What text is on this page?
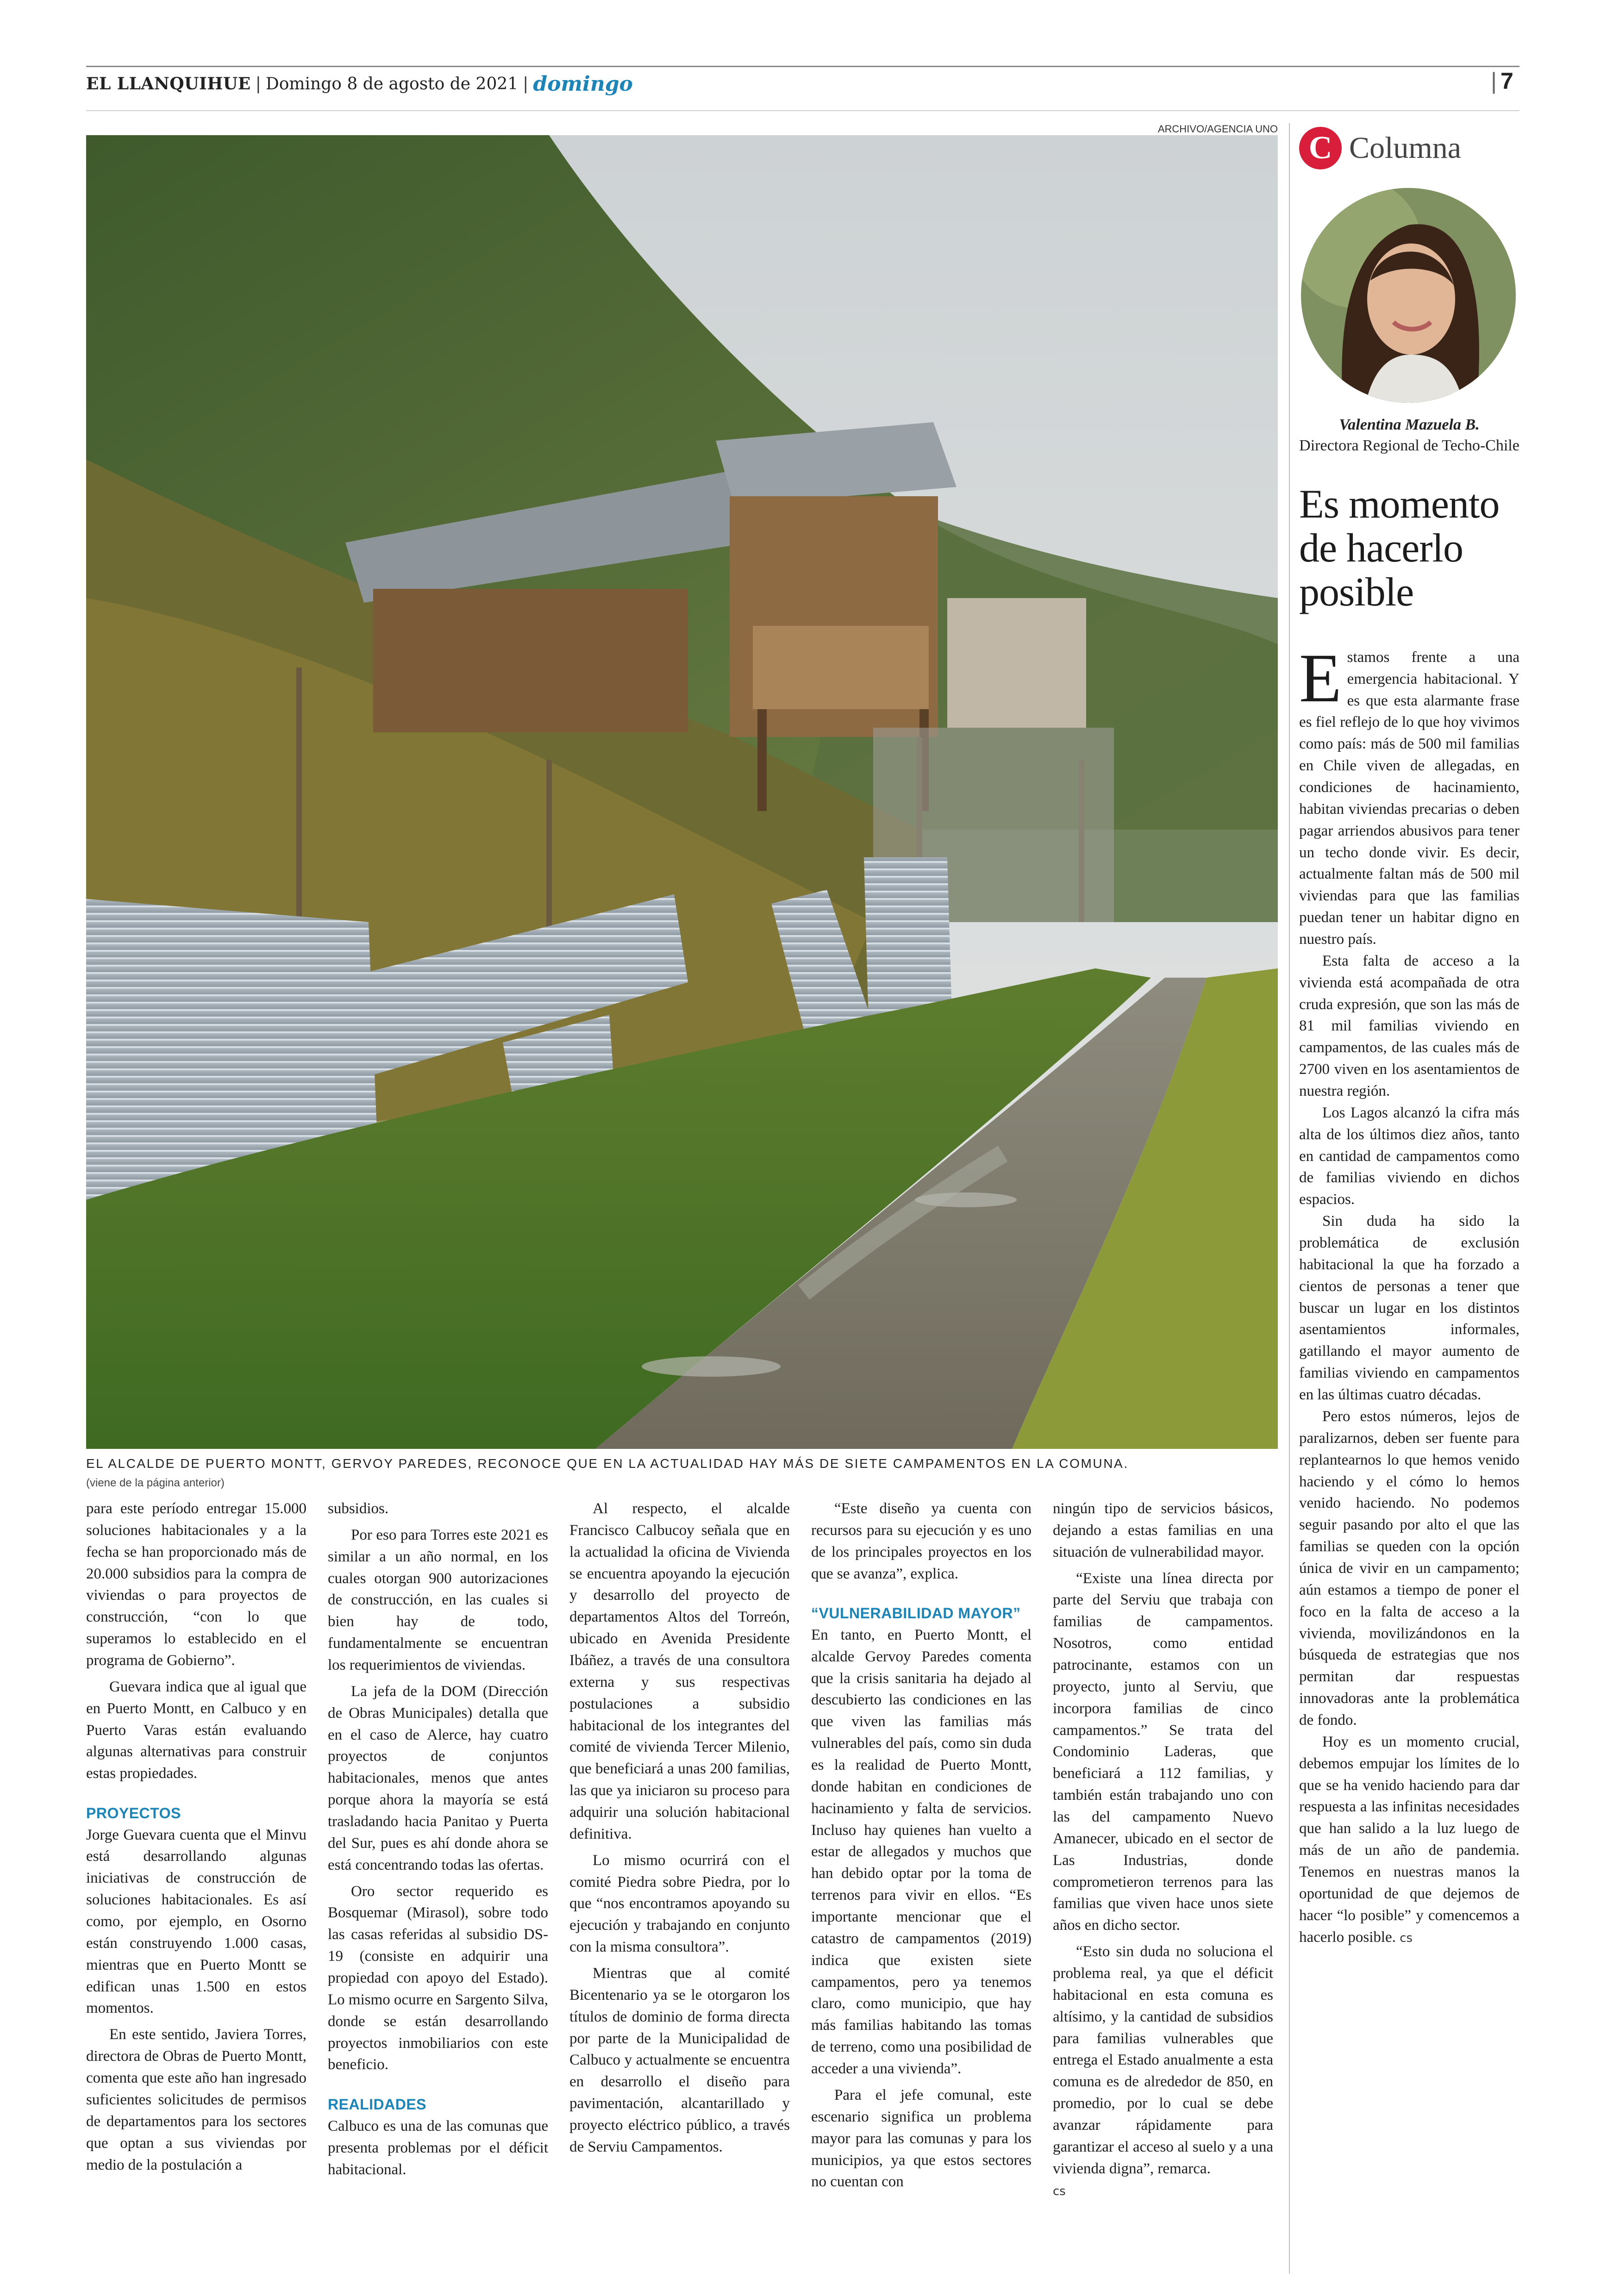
EL LLANQUIHUE | Domingo 8 de agosto de 2021 | domingo	| 7
ARCHIVO/AGENCIA UNO
EL ALCALDE DE PUERTO MONTT, GERVOY PAREDES, RECONOCE QUE EN LA ACTUALIDAD HAY MÁS DE SIETE CAMPAMENTOS EN LA COMUNA.
(viene de la página anterior)

para este período entregar 15.000 soluciones habitacionales y a la fecha se han proporcionado más de 20.000 subsidios para la compra de viviendas o para proyectos de construcción, “con lo que superamos lo establecido en el programa de Gobierno”.

Guevara indica que al igual que en Puerto Montt, en Calbuco y en Puerto Varas están evaluando algunas alternativas para construir estas propiedades.

PROYECTOS

Jorge Guevara cuenta que el Minvu está desarrollando algunas iniciativas de construcción de soluciones habitacionales. Es así como, por ejemplo, en Osorno están construyendo 1.000 casas, mientras que en Puerto Montt se edifican unas 1.500 en estos momentos.

En este sentido, Javiera Torres, directora de Obras de Puerto Montt, comenta que este año han ingresado suficientes solicitudes de permisos de departamentos para los sectores que optan a sus viviendas por medio de la postulación a

subsidios.

Por eso para Torres este 2021 es similar a un año normal, en los cuales otorgan 900 autorizaciones de construcción, en las cuales si bien hay de todo, fundamentalmente se encuentran los requerimientos de viviendas.

La jefa de la DOM (Dirección de Obras Municipales) detalla que en el caso de Alerce, hay cuatro proyectos de conjuntos habitacionales, menos que antes porque ahora la mayoría se está trasladando hacia Panitao y Puerta del Sur, pues es ahí donde ahora se está concentrando todas las ofertas.

Oro sector requerido es Bosquemar (Mirasol), sobre todo las casas referidas al subsidio DS-19 (consiste en adquirir una propiedad con apoyo del Estado). Lo mismo ocurre en Sargento Silva, donde se están desarrollando proyectos inmobiliarios con este beneficio.

REALIDADES

Calbuco es una de las comunas que presenta problemas por el déficit habitacional.

Al respecto, el alcalde Francisco Calbucoy señala que en la actualidad la oficina de Vivienda se encuentra apoyando la ejecución y desarrollo del proyecto de departamentos Altos del Torreón, ubicado en Avenida Presidente Ibáñez, a través de una consultora externa y sus respectivas postulaciones a subsidio habitacional de los integrantes del comité de vivienda Tercer Milenio, que beneficiará a unas 200 familias, las que ya iniciaron su proceso para adquirir una solución habitacional definitiva.

Lo mismo ocurrirá con el comité Piedra sobre Piedra, por lo que “nos encontramos apoyando su ejecución y trabajando en conjunto con la misma consultora”.

Mientras que al comité Bicentenario ya se le otorgaron los títulos de dominio de forma directa por parte de la Municipalidad de Calbuco y actualmente se encuentra en desarrollo el diseño para pavimentación, alcantarillado y proyecto eléctrico público, a través de Serviu Campamentos.

“Este diseño ya cuenta con recursos para su ejecución y es uno de los principales proyectos en los que se avanza”, explica.

“VULNERABILIDAD MAYOR”

En tanto, en Puerto Montt, el alcalde Gervoy Paredes comenta que la crisis sanitaria ha dejado al descubierto las condiciones en las que viven las familias más vulnerables del país, como sin duda es la realidad de Puerto Montt, donde habitan en condiciones de hacinamiento y falta de servicios. Incluso hay quienes han vuelto a estar de allegados y muchos que han debido optar por la toma de terrenos para vivir en ellos. “Es importante mencionar que el catastro de campamentos (2019) indica que existen siete campamentos, pero ya tenemos claro, como municipio, que hay más familias habitando las tomas de terreno, como una posibilidad de acceder a una vivienda”.

Para el jefe comunal, este escenario significa un problema mayor para las comunas y para los municipios, ya que estos sectores no cuentan con

ningún tipo de servicios básicos, dejando a estas familias en una situación de vulnerabilidad mayor.

“Existe una línea directa por parte del Serviu que trabaja con familias de campamentos. Nosotros, como entidad patrocinante, estamos con un proyecto, junto al Serviu, que incorpora familias de cinco campamentos.” Se trata del Condominio Laderas, que beneficiará a 112 familias, y también están trabajando uno con las del campamento Nuevo Amanecer, ubicado en el sector de Las Industrias, donde comprometieron terrenos para las familias que viven hace unos siete años en dicho sector.

“Esto sin duda no soluciona el problema real, ya que el déficit habitacional en esta comuna es altísimo, y la cantidad de subsidios para familias vulnerables que entrega el Estado anualmente a esta comuna es de alrededor de 850, en promedio, por lo cual se debe avanzar rápidamente para garantizar el acceso al suelo y a una vivienda digna”, remarca.

cs
C Columna
Valentina Mazuela B.
Directora Regional de Techo-Chile
Es momento de hacerlo posible

Estamos frente a una emergencia habitacional. Y es que esta alarmante frase es fiel reflejo de lo que hoy vivimos como país: más de 500 mil familias en Chile viven de allegadas, en condiciones de hacinamiento, habitan viviendas precarias o deben pagar arriendos abusivos para tener un techo donde vivir. Es decir, actualmente faltan más de 500 mil viviendas para que las familias puedan tener un habitar digno en nuestro país.

Esta falta de acceso a la vivienda está acompañada de otra cruda expresión, que son las más de 81 mil familias viviendo en campamentos, de las cuales más de 2700 viven en los asentamientos de nuestra región.

Los Lagos alcanzó la cifra más alta de los últimos diez años, tanto en cantidad de campamentos como de familias viviendo en dichos espacios.

Sin duda ha sido la problemática de exclusión habitacional la que ha forzado a cientos de personas a tener que buscar un lugar en los distintos asentamientos informales, gatillando el mayor aumento de familias viviendo en campamentos en las últimas cuatro décadas.

Pero estos números, lejos de paralizarnos, deben ser fuente para replantearnos lo que hemos venido haciendo y el cómo lo hemos venido haciendo. No podemos seguir pasando por alto el que las familias se queden con la opción única de vivir en un campamento; aún estamos a tiempo de poner el foco en la falta de acceso a la vivienda, movilizándonos en la búsqueda de estrategias que nos permitan dar respuestas innovadoras ante la problemática de fondo.

Hoy es un momento crucial, debemos empujar los límites de lo que se ha venido haciendo para dar respuesta a las infinitas necesidades que han salido a la luz luego de más de un año de pandemia. Tenemos en nuestras manos la oportunidad de que dejemos de hacer “lo posible” y comencemos a hacerlo posible. cs
